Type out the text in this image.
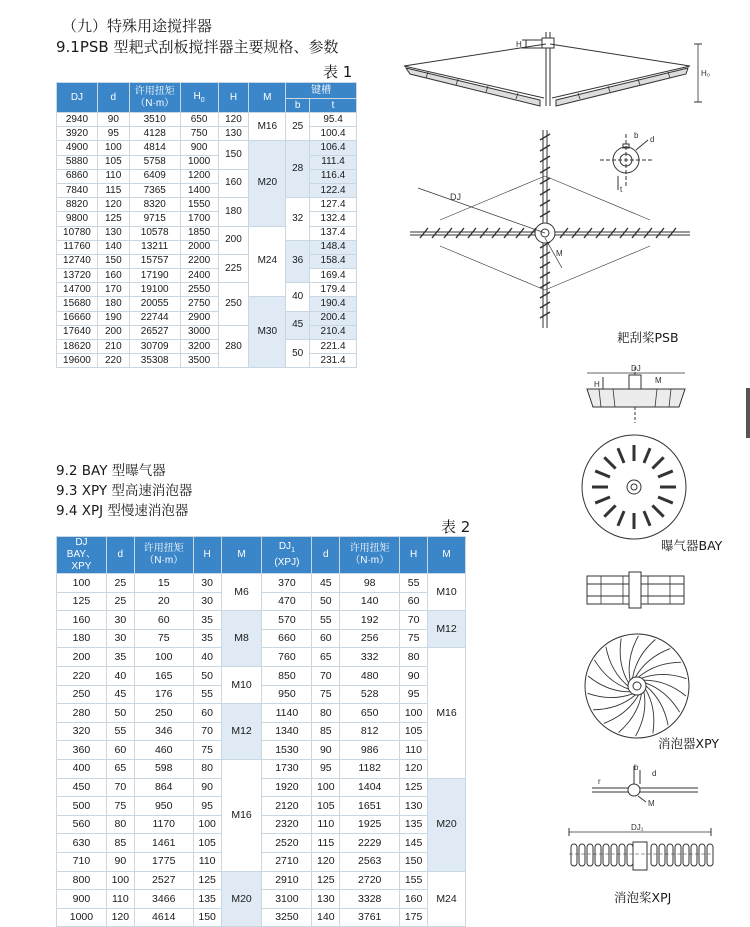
（九）特殊用途搅拌器
9.1PSB 型耙式刮板搅拌器主要规格、参数
表 1
DJ	d	许用扭矩
（N·m）	$H_0$	H	M	键槽	
						b	t
2940	90	3510	650	120	M16	25	95.4
3920	95	4128	750	130			100.4
4900	100	4814	900	150	M20	28	106.4
5880	105	5758	1000				111.4
6860	110	6409	1200	160			116.4
7840	115	7365	1400				122.4
8820	120	8320	1550	180		32	127.4
9800	125	9715	1700				132.4
10780	130	10578	1850	200	M24		137.4
11760	140	13211	2000			36	148.4
12740	150	15757	2200	225			158.4
13720	160	17190	2400				169.4
14700	170	19100	2550	250		40	179.4
15680	180	20055	2750		M30		190.4
16660	190	22744	2900			45	200.4
17640	200	26527	3000	280			210.4
18620	210	30709	3200			50	221.4
19600	220	35308	3500				231.4
9.2 BAY 型曝气器
9.3 XPY 型高速消泡器
9.4 XPJ 型慢速消泡器
表 2
DJ
BAY、XPY	d	许用扭矩
（N·m）	H	M	$DJ_1$
(XPJ)	d	许用扭矩
（N·m）	H	M
100	25	15	30	M6	370	45	98	55	M10
125	25	20	30		470	50	140	60	
160	30	60	35	M8	570	55	192	70	M12
180	30	75	35		660	60	256	75	
200	35	100	40		760	65	332	80	M16
220	40	165	50	M10	850	70	480	90	
250	45	176	55		950	75	528	95	
280	50	250	60	M12	1140	80	650	100	
320	55	346	70		1340	85	812	105	
360	60	460	75		1530	90	986	110	
400	65	598	80	M16	1730	95	1182	120	
450	70	864	90		1920	100	1404	125	M20
500	75	950	95		2120	105	1651	130	
560	80	1170	100		2320	110	1925	135	
630	85	1461	105		2520	115	2229	145	
710	90	1775	110		2710	120	2563	150	
800	100	2527	125	M20	2910	125	2720	155	M24
900	110	3466	135		3100	130	3328	160	
1000	120	4614	150		3250	140	3761	175	
H
H₀
DJ
M
d
b
t
耙刮桨PSB
DJ
H	M
曝气器BAY
消泡器XPY
b
d
r
M
DJ₁
消泡桨XPJ
